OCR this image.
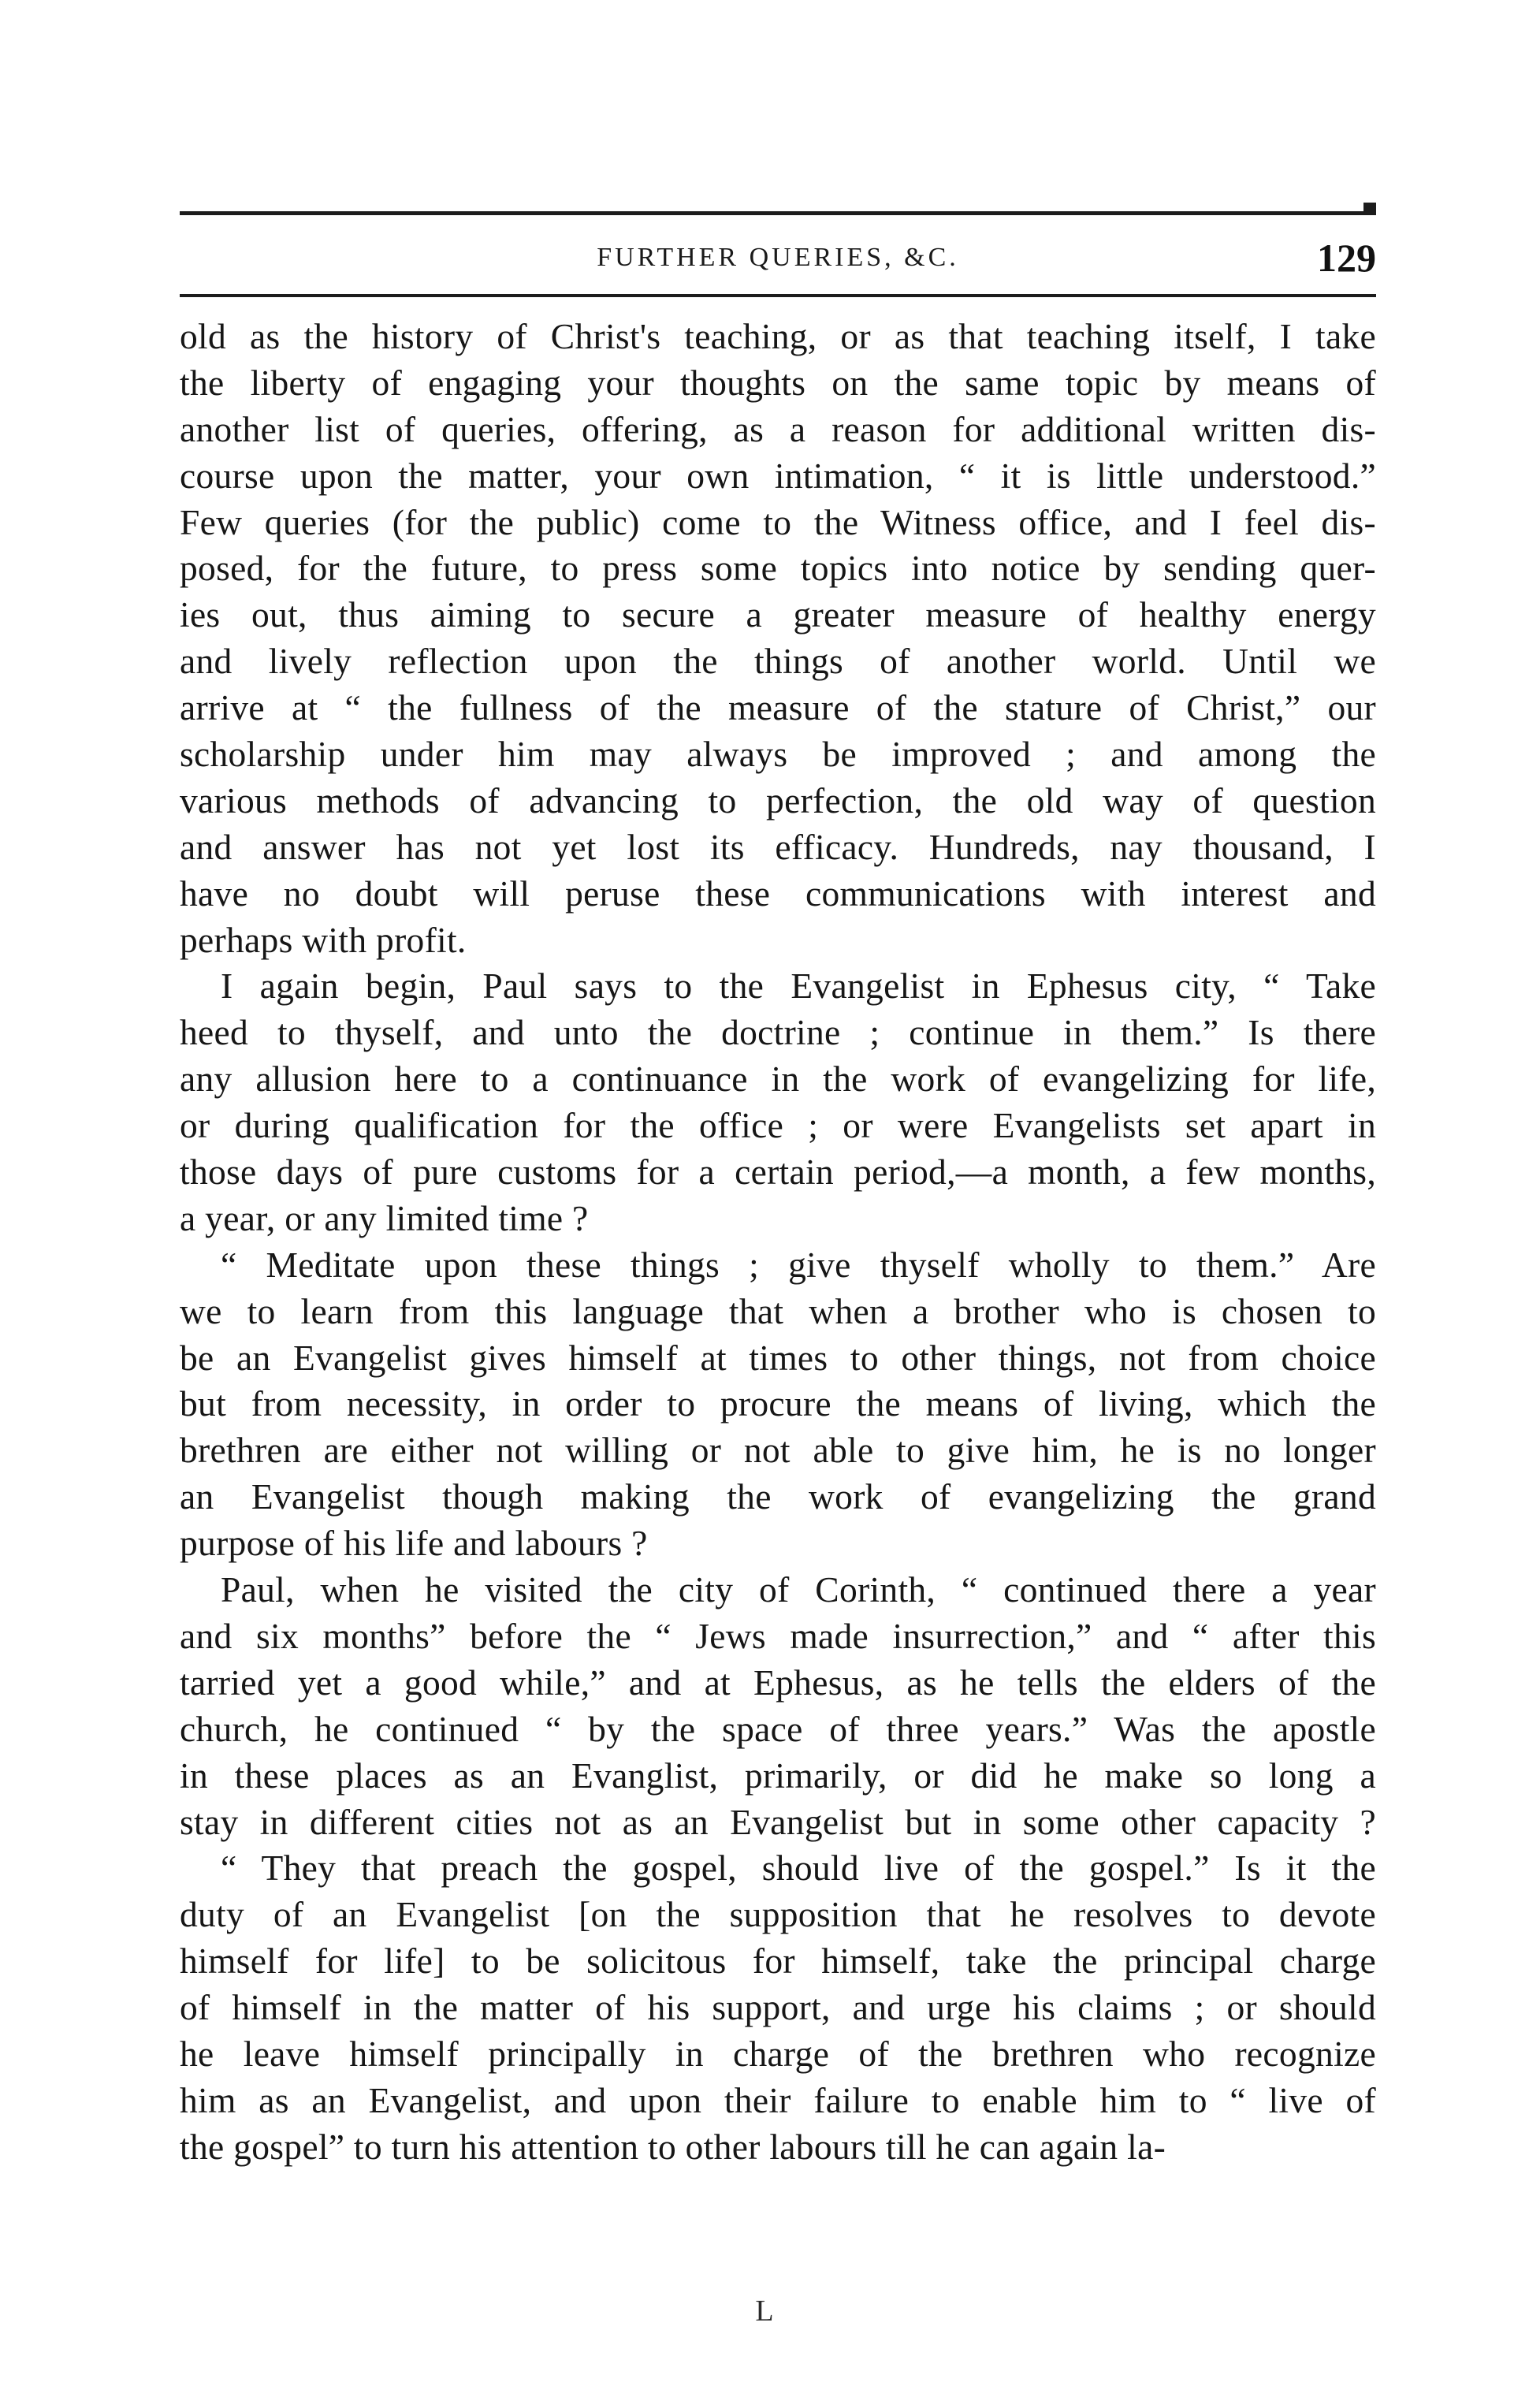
FURTHER QUERIES, &C.	129
old as the history of Christ's teaching, or as that teaching itself, I take
the liberty of engaging your thoughts on the same topic by means of
another list of queries, offering, as a reason for additional written dis-
course upon the matter, your own intimation, “ it is little understood.”
Few queries (for the public) come to the Witness office, and I feel dis-
posed, for the future, to press some topics into notice by sending quer-
ies out, thus aiming to secure a greater measure of healthy energy
and lively reflection upon the things of another world. Until we
arrive at “ the fullness of the measure of the stature of Christ,” our
scholarship under him may always be improved ; and among the
various methods of advancing to perfection, the old way of question
and answer has not yet lost its efficacy. Hundreds, nay thousand, I
have no doubt will peruse these communications with interest and
perhaps with profit.
I again begin, Paul says to the Evangelist in Ephesus city, “ Take
heed to thyself, and unto the doctrine ; continue in them.” Is there
any allusion here to a continuance in the work of evangelizing for life,
or during qualification for the office ; or were Evangelists set apart in
those days of pure customs for a certain period,—a month, a few months,
a year, or any limited time ?
“ Meditate upon these things ; give thyself wholly to them.” Are
we to learn from this language that when a brother who is chosen to
be an Evangelist gives himself at times to other things, not from choice
but from necessity, in order to procure the means of living, which the
brethren are either not willing or not able to give him, he is no longer
an Evangelist though making the work of evangelizing the grand
purpose of his life and labours ?
Paul, when he visited the city of Corinth, “ continued there a year
and six months” before the “ Jews made insurrection,” and “ after this
tarried yet a good while,” and at Ephesus, as he tells the elders of the
church, he continued “ by the space of three years.” Was the apostle
in these places as an Evanglist, primarily, or did he make so long a
stay in different cities not as an Evangelist but in some other capacity ?
“ They that preach the gospel, should live of the gospel.” Is it the
duty of an Evangelist [on the supposition that he resolves to devote
himself for life] to be solicitous for himself, take the principal charge
of himself in the matter of his support, and urge his claims ; or should
he leave himself principally in charge of the brethren who recognize
him as an Evangelist, and upon their failure to enable him to “ live of
the gospel” to turn his attention to other labours till he can again la-
L
